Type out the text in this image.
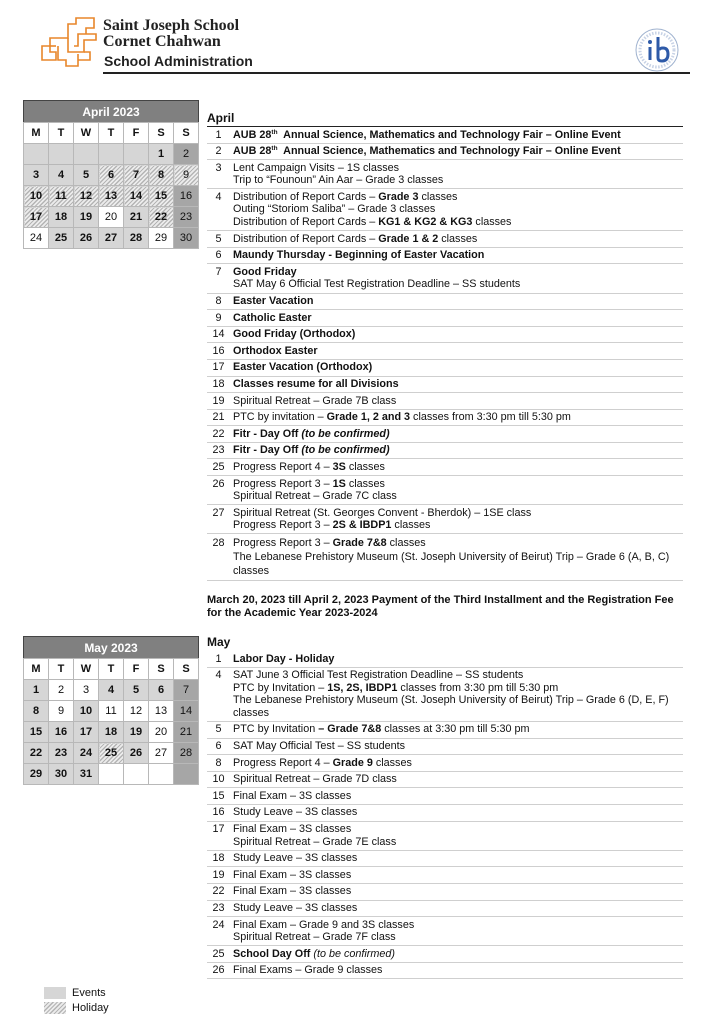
Saint Joseph School
Cornet Chahwan
School Administration
April 2023						
M	T	W	T	F	S	S
					1	2
3	4	5	6	7	8	9
10	11	12	13	14	15	16
17	18	19	20	21	22	23
24	25	26	27	28	29	30
April
1	AUB 28th  Annual Science, Mathematics and Technology Fair – Online Event
2	AUB 28th  Annual Science, Mathematics and Technology Fair – Online Event
3	Lent Campaign Visits – 1S classes
Trip to “Founoun” Ain Aar – Grade 3 classes
4	Distribution of Report Cards – Grade 3 classes
Outing “Storiom Saliba” – Grade 3 classes
Distribution of Report Cards – KG1 & KG2 & KG3 classes
5	Distribution of Report Cards – Grade 1 & 2 classes
6	Maundy Thursday - Beginning of Easter Vacation
7	Good Friday
SAT May 6 Official Test Registration Deadline – SS students
8	Easter Vacation
9	Catholic Easter
14 Good Friday (Orthodox)
16 Orthodox Easter
17 Easter Vacation (Orthodox)
18 Classes resume for all Divisions
19 Spiritual Retreat – Grade 7B class
21 PTC by invitation – Grade 1, 2 and 3 classes from 3:30 pm till 5:30 pm
22 Fitr - Day Off (to be confirmed)
23 Fitr - Day Off (to be confirmed)
25 Progress Report 4 – 3S classes
26 Progress Report 3 – 1S classes
Spiritual Retreat – Grade 7C class
27 Spiritual Retreat (St. Georges Convent - Bherdok) – 1SE class
Progress Report 3 – 2S & IBDP1 classes
28 Progress Report 3 – Grade 7&8 classes
The Lebanese Prehistory Museum (St. Joseph University of Beirut) Trip – Grade 6 (A, B, C)
classes
March 20, 2023 till April 2, 2023 Payment of the Third Installment and the Registration Fee for the Academic Year 2023-2024
May 2023						
M	T	W	T	F	S	S
1	2	3	4	5	6	7
8	9	10	11	12	13	14
15	16	17	18	19	20	21
22	23	24	25	26	27	28
29	30	31				
May
1	Labor Day - Holiday
4	SAT June 3 Official Test Registration Deadline – SS students
PTC by Invitation – 1S, 2S, IBDP1 classes from 3:30 pm till 5:30 pm
The Lebanese Prehistory Museum (St. Joseph University of Beirut) Trip – Grade 6 (D, E, F)
classes
5	PTC by Invitation – Grade 7&8 classes at 3:30 pm till 5:30 pm
6	SAT May Official Test – SS students
8	Progress Report 4 – Grade 9 classes
10 Spiritual Retreat – Grade 7D class
15 Final Exam – 3S classes
16 Study Leave – 3S classes
17 Final Exam – 3S classes
Spiritual Retreat – Grade 7E class
18 Study Leave – 3S classes
19 Final Exam – 3S classes
22 Final Exam – 3S classes
23 Study Leave – 3S classes
24 Final Exam – Grade 9 and 3S classes
Spiritual Retreat – Grade 7F class
25 School Day Off (to be confirmed)
26 Final Exams – Grade 9 classes
Events
Holiday
